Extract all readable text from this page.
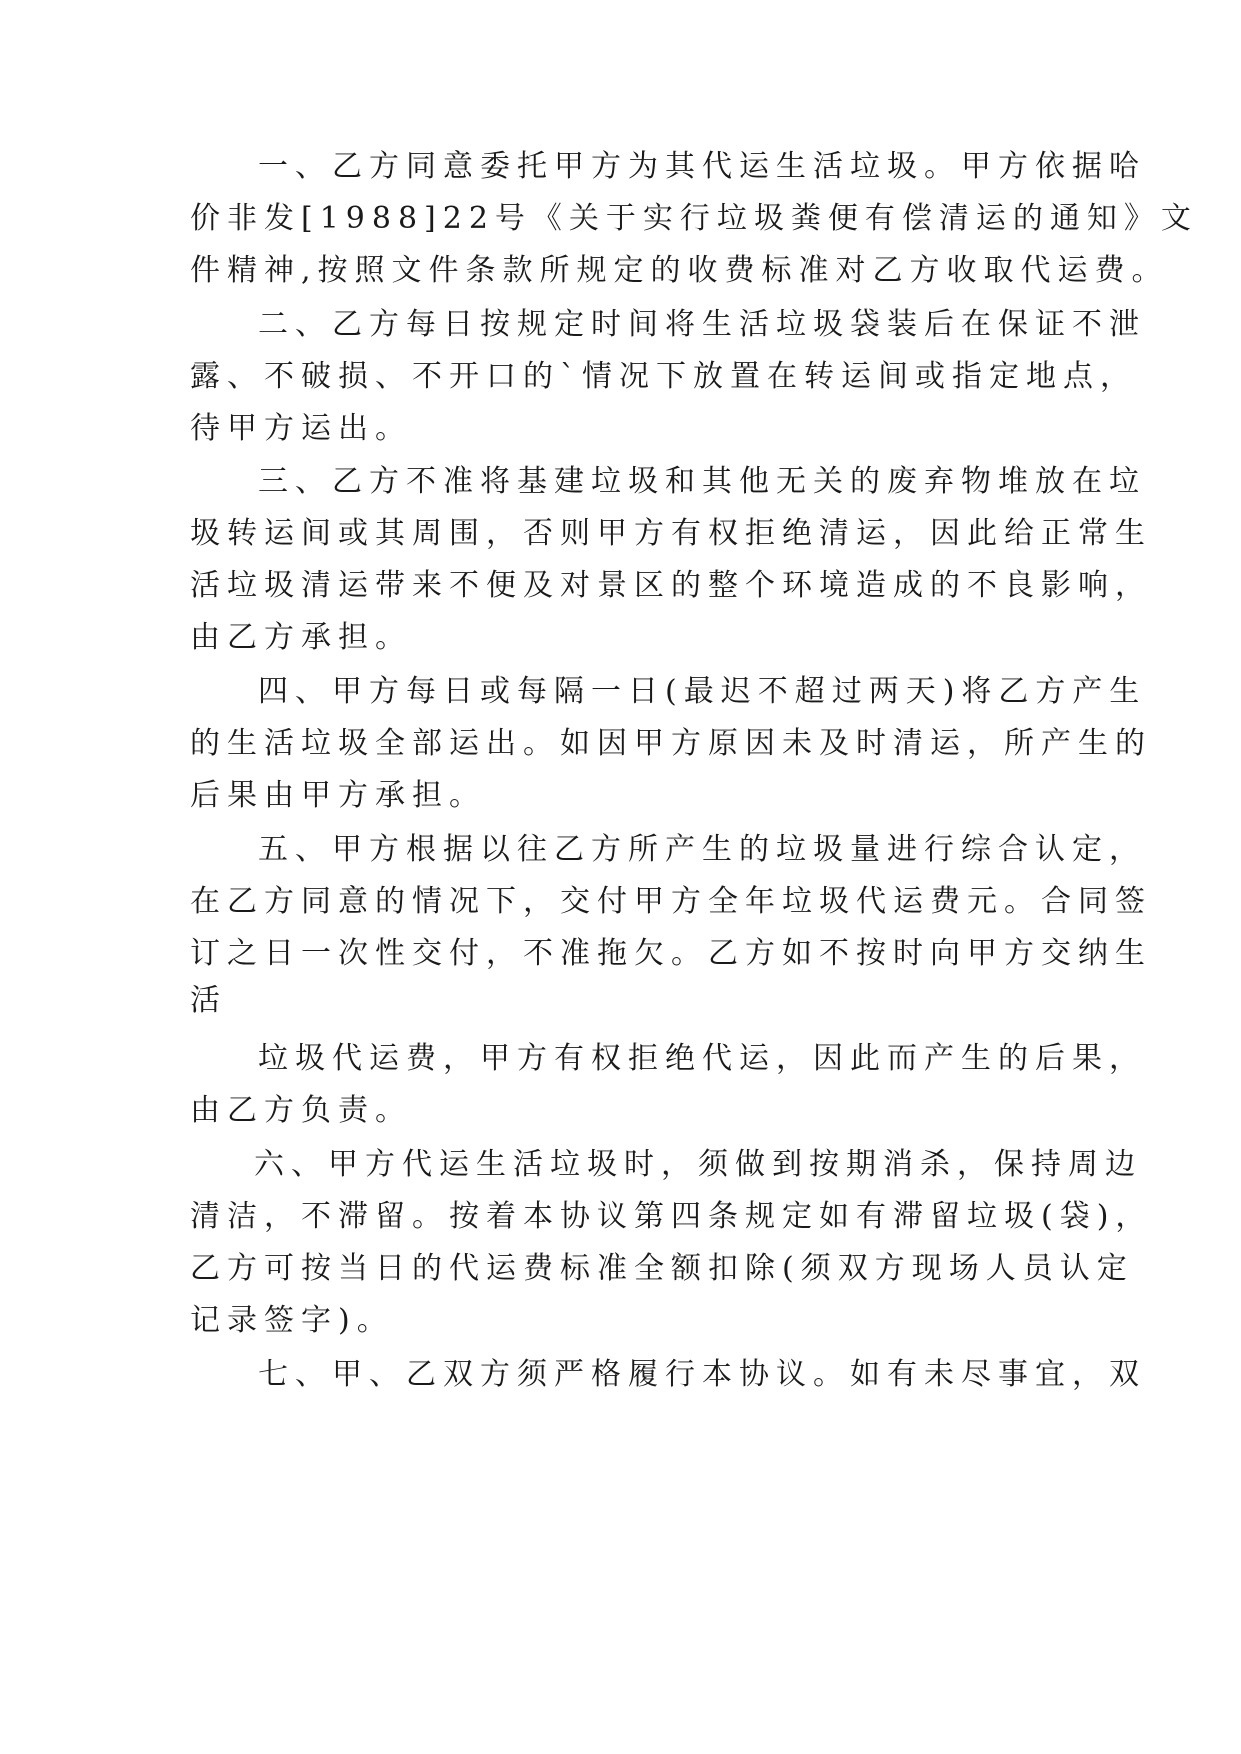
一、乙方同意委托甲方为其代运生活垃圾。甲方依据哈

价非发[1988]22号《关于实行垃圾粪便有偿清运的通知》文

件精神,按照文件条款所规定的收费标准对乙方收取代运费。

二、乙方每日按规定时间将生活垃圾袋装后在保证不泄

露、不破损、不开口的`情况下放置在转运间或指定地点，

待甲方运出。

三、乙方不准将基建垃圾和其他无关的废弃物堆放在垃

圾转运间或其周围，否则甲方有权拒绝清运，因此给正常生

活垃圾清运带来不便及对景区的整个环境造成的不良影响，

由乙方承担。

四、甲方每日或每隔一日(最迟不超过两天)将乙方产生

的生活垃圾全部运出。如因甲方原因未及时清运，所产生的

后果由甲方承担。

五、甲方根据以往乙方所产生的垃圾量进行综合认定，

在乙方同意的情况下，交付甲方全年垃圾代运费元。合同签

订之日一次性交付，不准拖欠。乙方如不按时向甲方交纳生

活

垃圾代运费，甲方有权拒绝代运，因此而产生的后果，

由乙方负责。

六、甲方代运生活垃圾时，须做到按期消杀，保持周边

清洁，不滞留。按着本协议第四条规定如有滞留垃圾(袋)，

乙方可按当日的代运费标准全额扣除(须双方现场人员认定

记录签字)。

七、甲、乙双方须严格履行本协议。如有未尽事宜，双
